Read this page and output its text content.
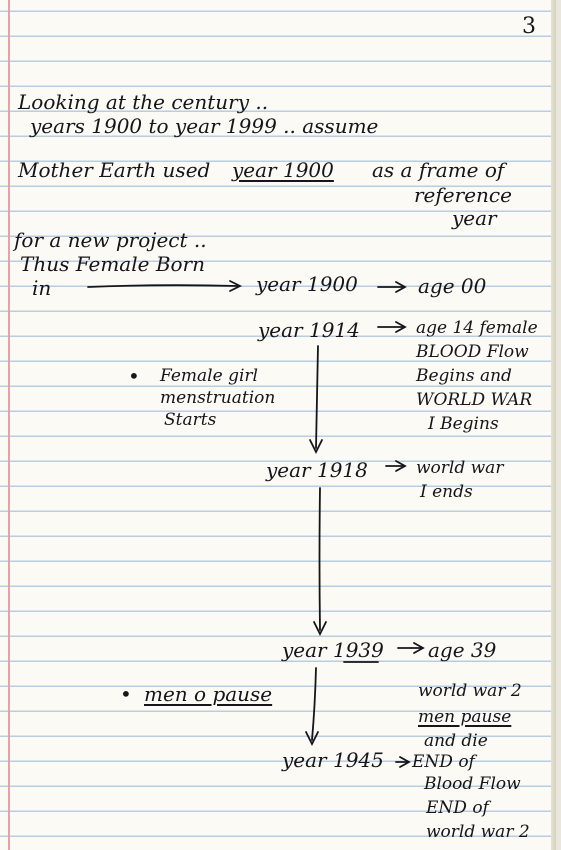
3
Looking at the century ..
years 1900 to year 1999 .. assume
Mother Earth used year 1900 as a frame of
reference
year
for a new project ..
Thus Female Born
in	year 1900
year 1914
year 1918
year 1939
year 1945
age 00
age 14 female
BLOOD Flow
Begins and
WORLD WAR
I Begins
world war
I ends
age 39
world war 2
men pause
and die
END of
Blood Flow
END of
world war 2
• Female girl
menstruation
Starts
• men o pause
